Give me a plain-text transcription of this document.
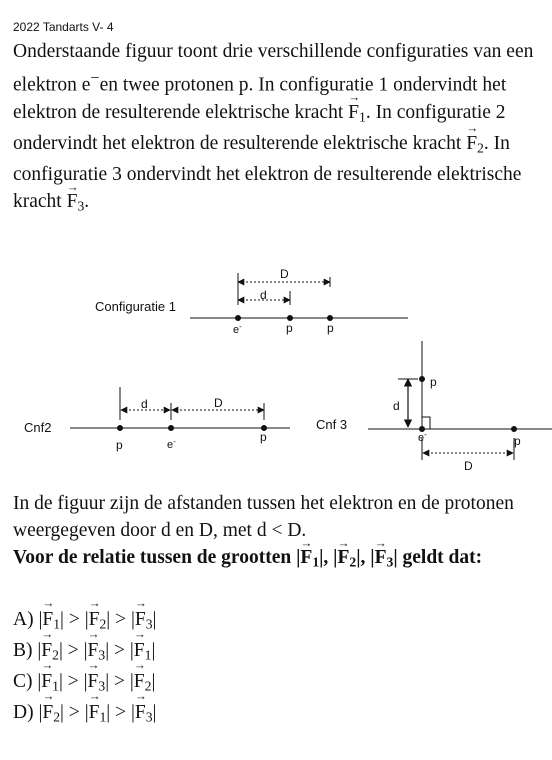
2022 Tandarts V- 4
Onderstaande figuur toont drie verschillende configuraties van een elektron e−en twee protonen p. In configuratie 1 ondervindt het elektron de resulterende elektrische kracht → $F_1$. In configuratie 2 ondervindt het elektron de resulterende elektrische kracht → $F_2$. In configuratie 3 ondervindt het elektron de resulterende elektrische kracht → $F_3$.
Configuratie 1
D
d
e-	p	p
Cnf2
d	D
p	e-	p
Cnf 3
d
D
p
e-	p
In de figuur zijn de afstanden tussen het elektron en de protonen weergegeven door d en D, met d < D.
Voor de relatie tussen de grootten |→ $F_1|$, |→ $F_2|$, |→ $F_3|$ geldt dat:
A) |→ $F_1|$ > |→ $F_2|$ > |→ $F_3|$
B) |→ $F_2|$ > |→ $F_3|$ > |→ $F_1|$
C) |→ $F_1|$ > |→ $F_3|$ > |→ $F_2|$
D) |→ $F_2|$ > |→ $F_1|$ > |→ $F_3|$
